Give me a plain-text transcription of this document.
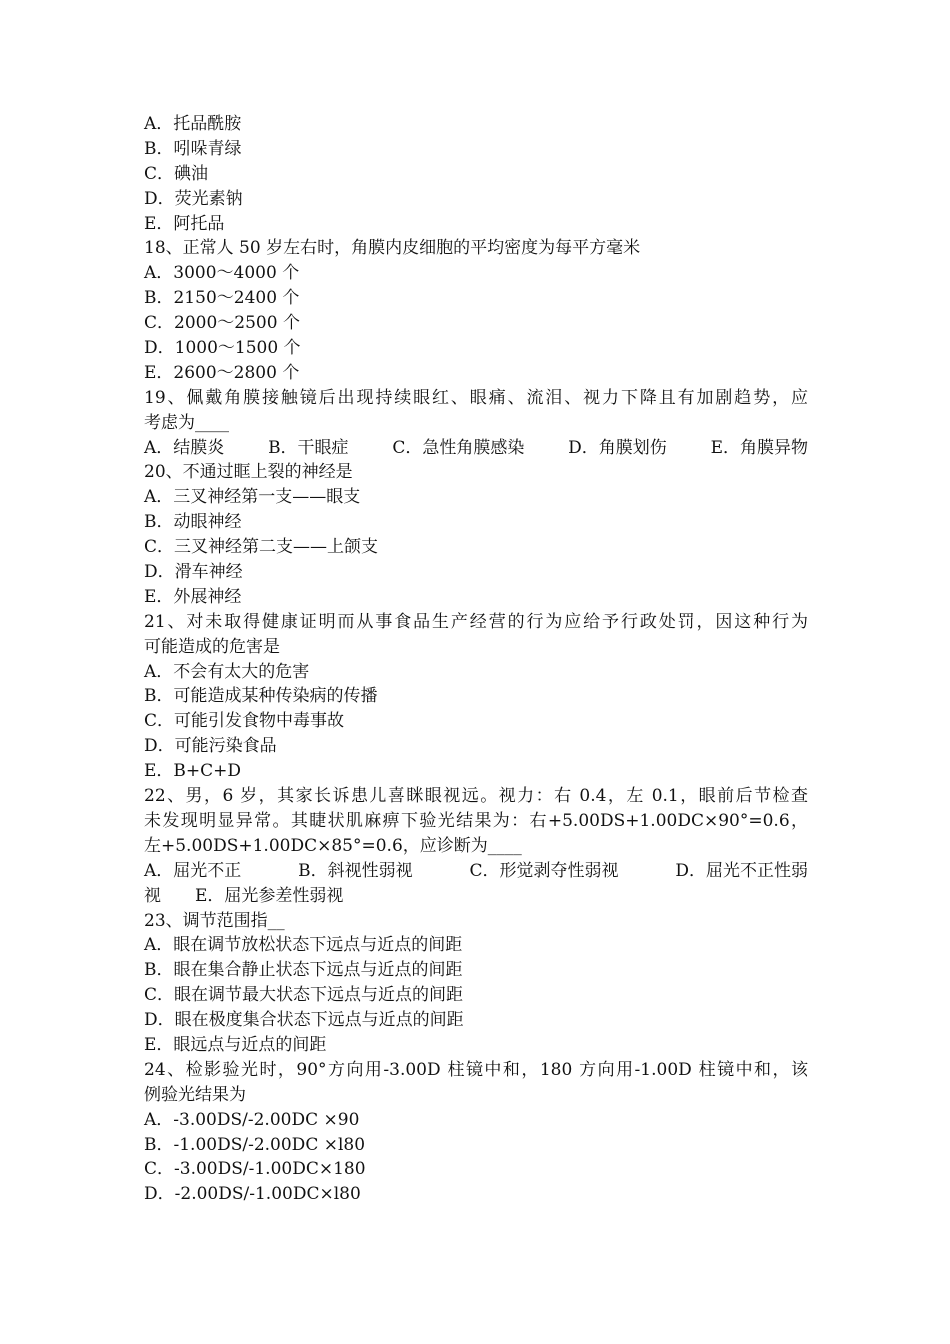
A．托品酰胺
B．吲哚青绿
C．碘油
D．荧光素钠
E．阿托品
18、正常人 50 岁左右时，角膜内皮细胞的平均密度为每平方毫米
A．3000～4000 个
B．2150～2400 个
C．2000～2500 个
D．1000～1500 个
E．2600～2800 个
19、佩戴角膜接触镜后出现持续眼红、眼痛、流泪、视力下降且有加剧趋势，应
考虑为____
A．结膜炎	B．干眼症	C．急性角膜感染	D．角膜划伤	E．角膜异物
20、不通过眶上裂的神经是
A．三叉神经第一支——眼支
B．动眼神经
C．三叉神经第二支——上颌支
D．滑车神经
E．外展神经
21、对未取得健康证明而从事食品生产经营的行为应给予行政处罚，因这种行为
可能造成的危害是
A．不会有太大的危害
B．可能造成某种传染病的传播
C．可能引发食物中毒事故
D．可能污染食品
E．B+C+D
22、男，6 岁，其家长诉患儿喜眯眼视远。视力：右 0.4，左 0.1，眼前后节检查
未发现明显异常。其睫状肌麻痹下验光结果为：右+5.00DS+1.00DC×90°=0.6，
左+5.00DS+1.00DC×85°=0.6，应诊断为____
A．屈光不正	B．斜视性弱视	C．形觉剥夺性弱视	D．屈光不正性弱
视　　E．屈光参差性弱视
23、调节范围指__
A．眼在调节放松状态下远点与近点的间距
B．眼在集合静止状态下远点与近点的间距
C．眼在调节最大状态下远点与近点的间距
D．眼在极度集合状态下远点与近点的间距
E．眼远点与近点的间距
24、检影验光时，90°方向用-3.00D 柱镜中和，180 方向用-1.00D 柱镜中和，该
例验光结果为
A．-3.00DS/-2.00DC ×90
B．-1.00DS/-2.00DC ×l80
C．-3.00DS/-1.00DC×180
D．-2.00DS/-1.00DC×l80
